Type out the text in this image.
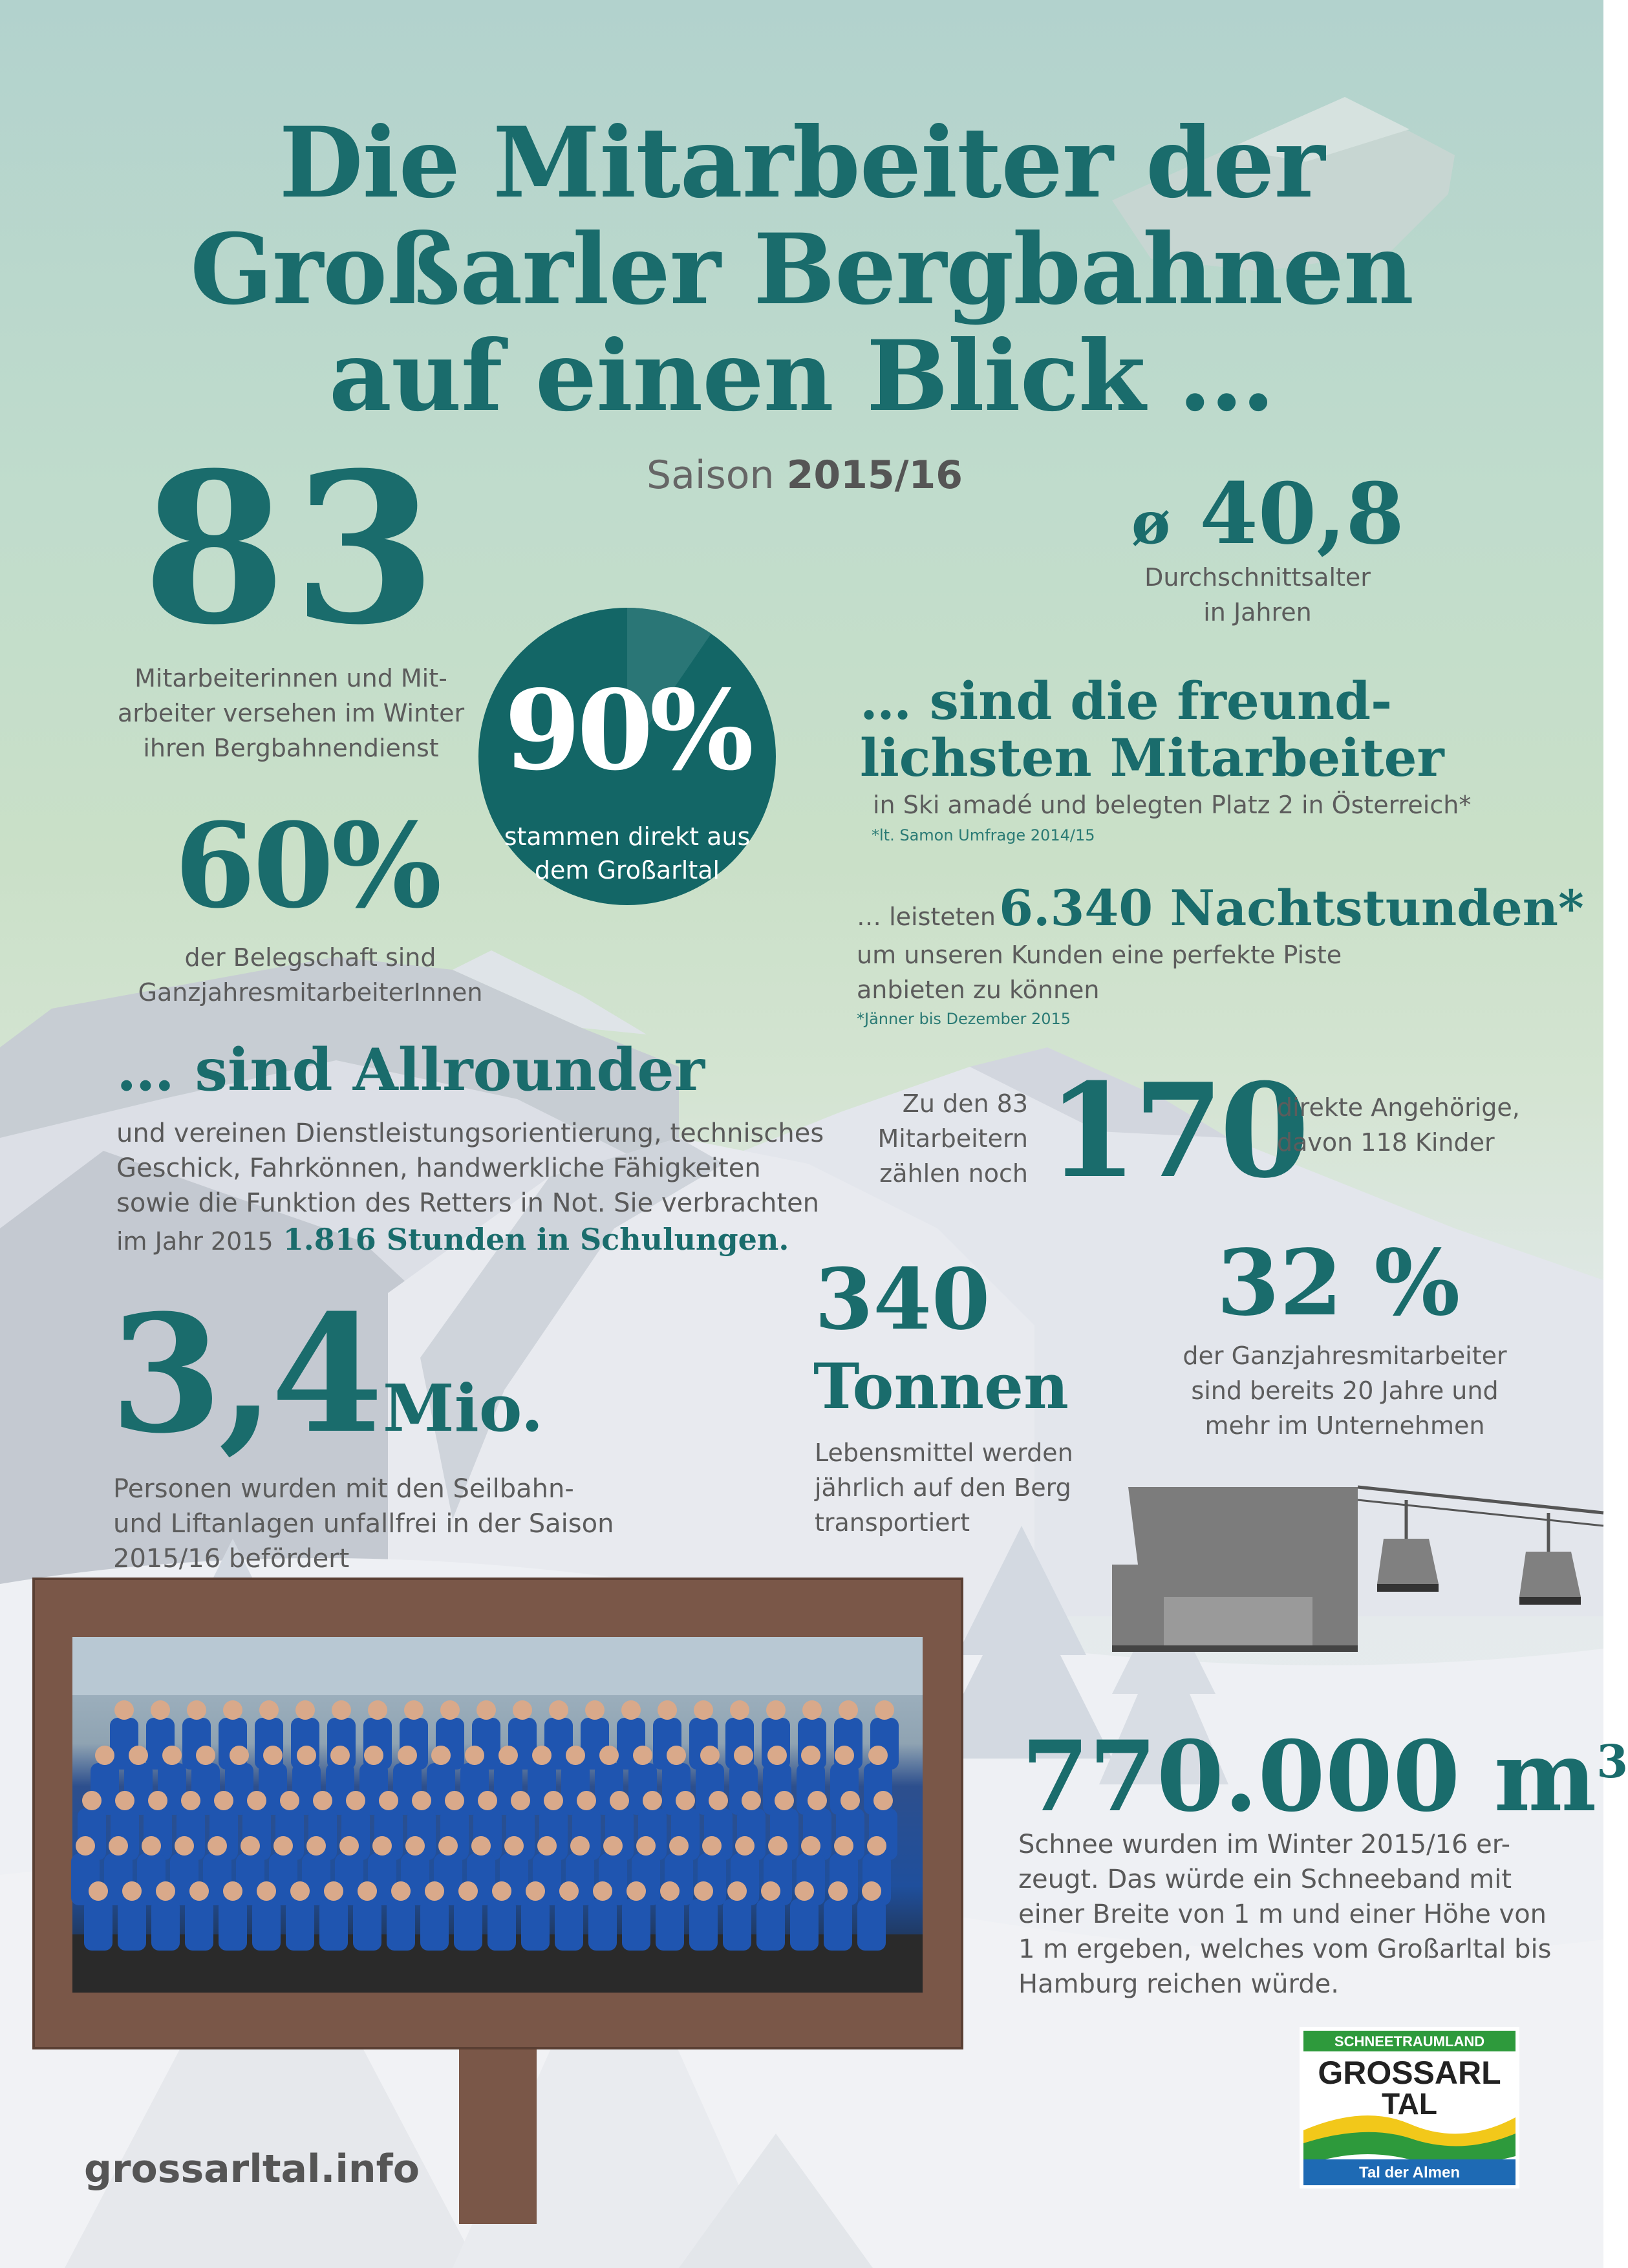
Die Mitarbeiter der
Großarler Bergbahnen
auf einen Blick …
Saison 2015/16
83
Mitarbeiterinnen und Mit-
arbeiter versehen im Winter
ihren Bergbahnendienst
ø 40,8
Durchschnittsalter
in Jahren
90%
stammen direkt aus
dem Großarltal
… sind die freund-
lichsten Mitarbeiter
in Ski amadé und belegten Platz 2 in Österreich*
*lt. Samon Umfrage 2014/15
60%
der Belegschaft sind
GanzjahresmitarbeiterInnen
… leisteten 6.340 Nachtstunden*
um unseren Kunden eine perfekte Piste
anbieten zu können
*Jänner bis Dezember 2015
… sind Allrounder
und vereinen Dienstleistungsorientierung, technisches
Geschick, Fahrkönnen, handwerkliche Fähigkeiten
sowie die Funktion des Retters in Not. Sie verbrachten
im Jahr 2015 1.816 Stunden in Schulungen.
Zu den 83
Mitarbeitern
zählen noch 170
direkte Angehörige,
davon 118 Kinder
3,4 Mio.
Personen wurden mit den Seilbahn-
und Liftanlagen unfallfrei in der Saison
2015/16 befördert
340
Tonnen
Lebensmittel werden
jährlich auf den Berg
transportiert
32 %
der Ganzjahresmitarbeiter
sind bereits 20 Jahre und
mehr im Unternehmen
770.000 $m^3$
Schnee wurden im Winter 2015/16 er-
zeugt. Das würde ein Schneeband mit
einer Breite von 1 m und einer Höhe von
1 m ergeben, welches vom Großarltal bis
Hamburg reichen würde.
grossarltal.info
SCHNEETRAUMLAND
GROSSARL
TAL
Tal der Almen
